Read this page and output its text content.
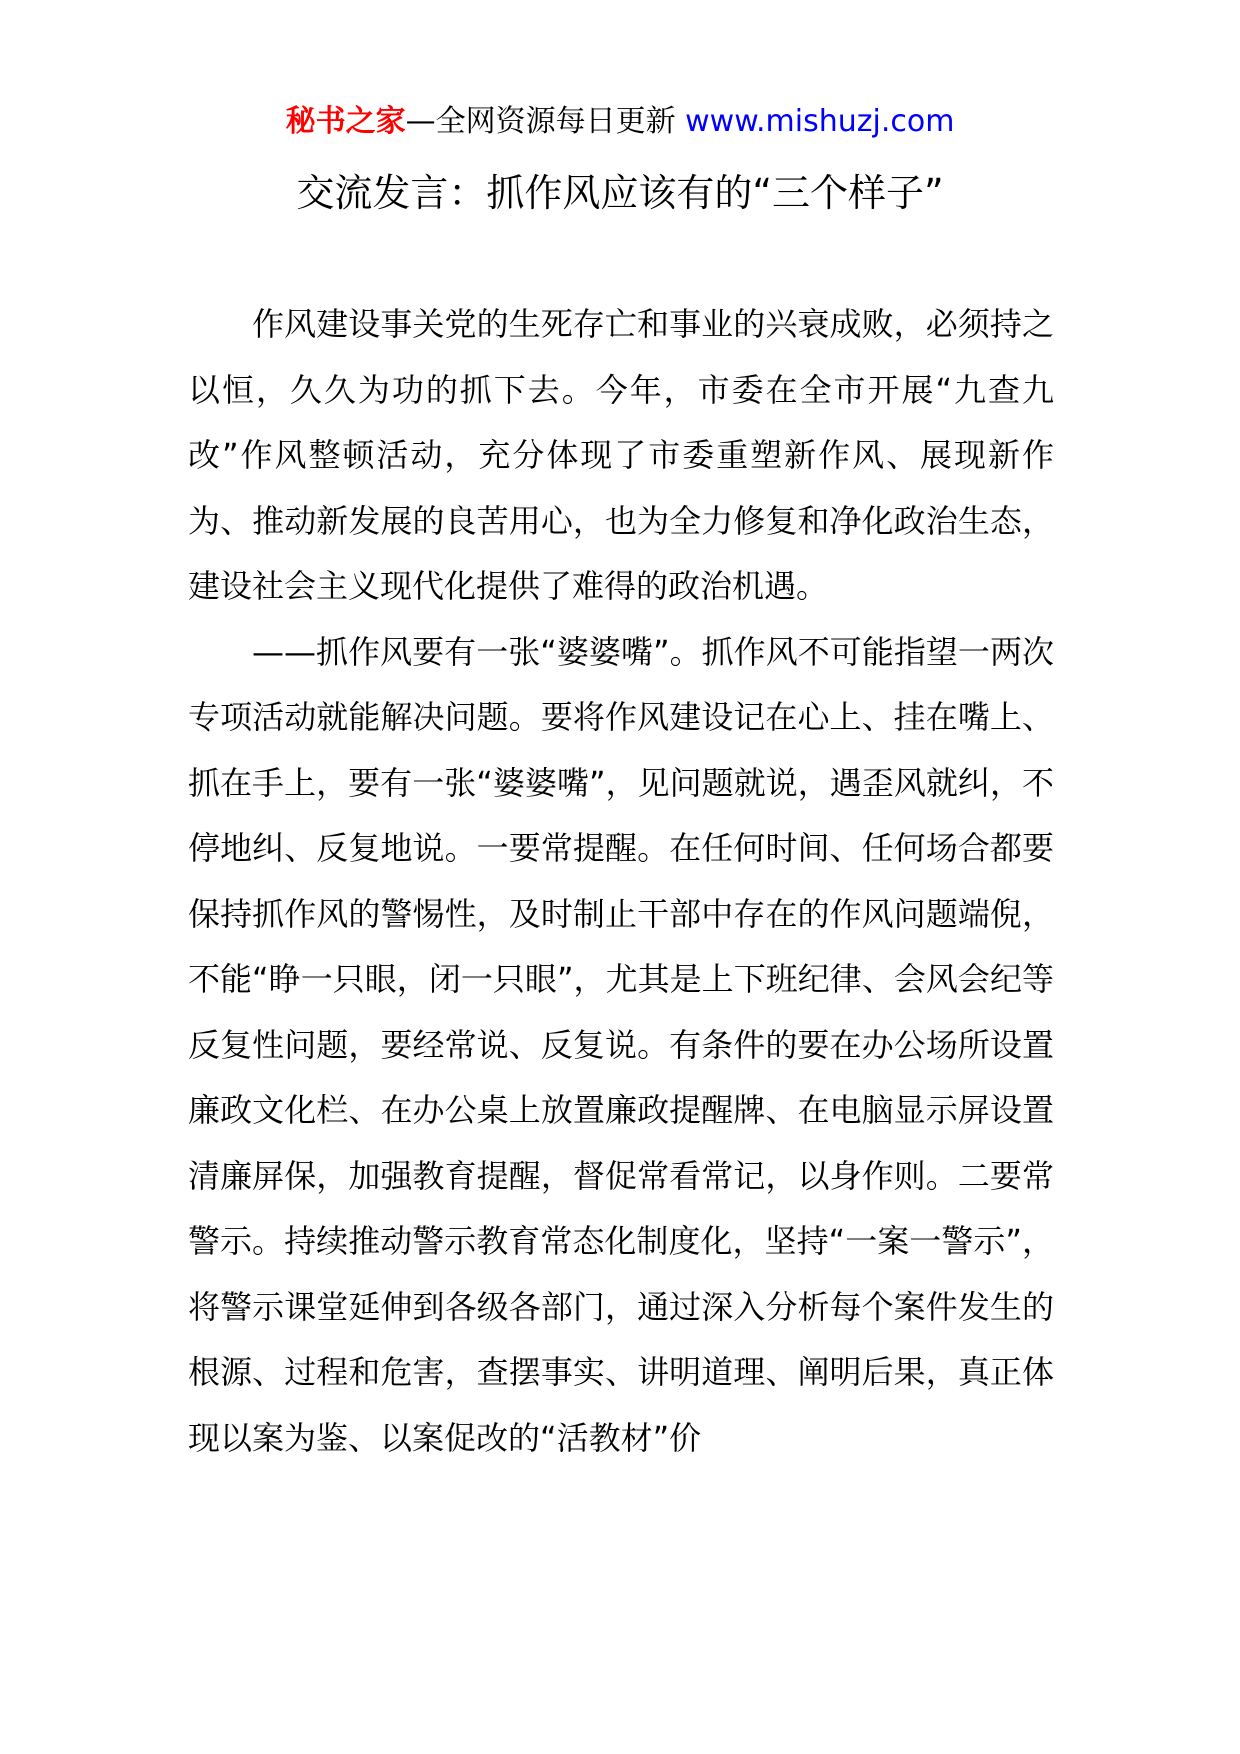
秘书之家—全网资源每日更新 www.mishuzj.com
交流发言：抓作风应该有的“三个样子”

作风建设事关党的生死存亡和事业的兴衰成败，必须持之以恒，久久为功的抓下去。今年，市委在全市开展“九查九改”作风整顿活动，充分体现了市委重塑新作风、展现新作为、推动新发展的良苦用心，也为全力修复和净化政治生态，建设社会主义现代化提供了难得的政治机遇。

——抓作风要有一张“婆婆嘴”。抓作风不可能指望一两次专项活动就能解决问题。要将作风建设记在心上、挂在嘴上、抓在手上，要有一张“婆婆嘴”，见问题就说，遇歪风就纠，不停地纠、反复地说。一要常提醒。在任何时间、任何场合都要保持抓作风的警惕性，及时制止干部中存在的作风问题端倪，不能“睁一只眼，闭一只眼”，尤其是上下班纪律、会风会纪等反复性问题，要经常说、反复说。有条件的要在办公场所设置廉政文化栏、在办公桌上放置廉政提醒牌、在电脑显示屏设置清廉屏保，加强教育提醒，督促常看常记，以身作则。二要常警示。持续推动警示教育常态化制度化，坚持“一案一警示”，将警示课堂延伸到各级各部门，通过深入分析每个案件发生的根源、过程和危害，查摆事实、讲明道理、阐明后果，真正体现以案为鉴、以案促改的“活教材”价
